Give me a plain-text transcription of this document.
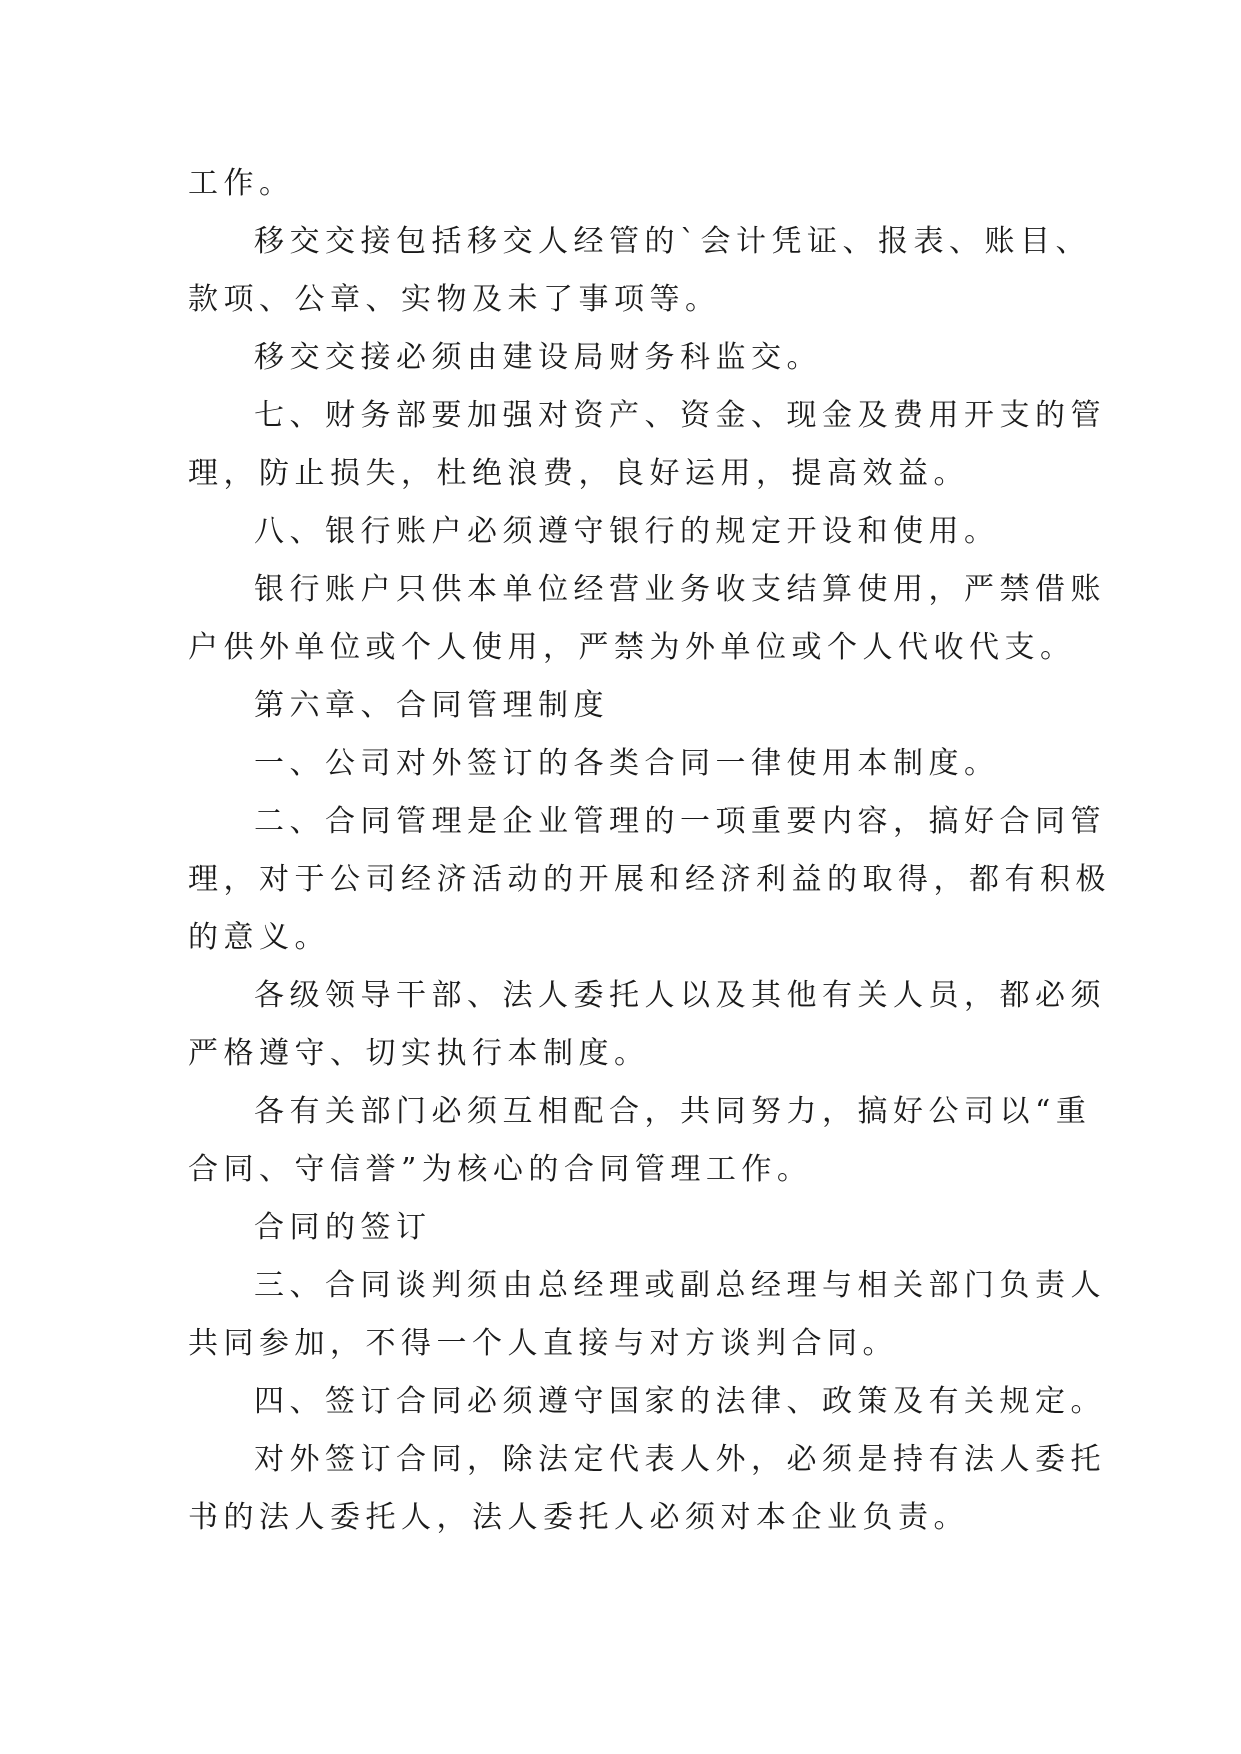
工作。
移交交接包括移交人经管的`会计凭证、报表、账目、
款项、公章、实物及未了事项等。
移交交接必须由建设局财务科监交。
七、财务部要加强对资产、资金、现金及费用开支的管
理，防止损失，杜绝浪费，良好运用，提高效益。
八、银行账户必须遵守银行的规定开设和使用。
银行账户只供本单位经营业务收支结算使用，严禁借账
户供外单位或个人使用，严禁为外单位或个人代收代支。
第六章、合同管理制度
一、公司对外签订的各类合同一律使用本制度。
二、合同管理是企业管理的一项重要内容，搞好合同管
理，对于公司经济活动的开展和经济利益的取得，都有积极
的意义。
各级领导干部、法人委托人以及其他有关人员，都必须
严格遵守、切实执行本制度。
各有关部门必须互相配合，共同努力，搞好公司以“重
合同、守信誉”为核心的合同管理工作。
合同的签订
三、合同谈判须由总经理或副总经理与相关部门负责人
共同参加，不得一个人直接与对方谈判合同。
四、签订合同必须遵守国家的法律、政策及有关规定。
对外签订合同，除法定代表人外，必须是持有法人委托
书的法人委托人，法人委托人必须对本企业负责。
